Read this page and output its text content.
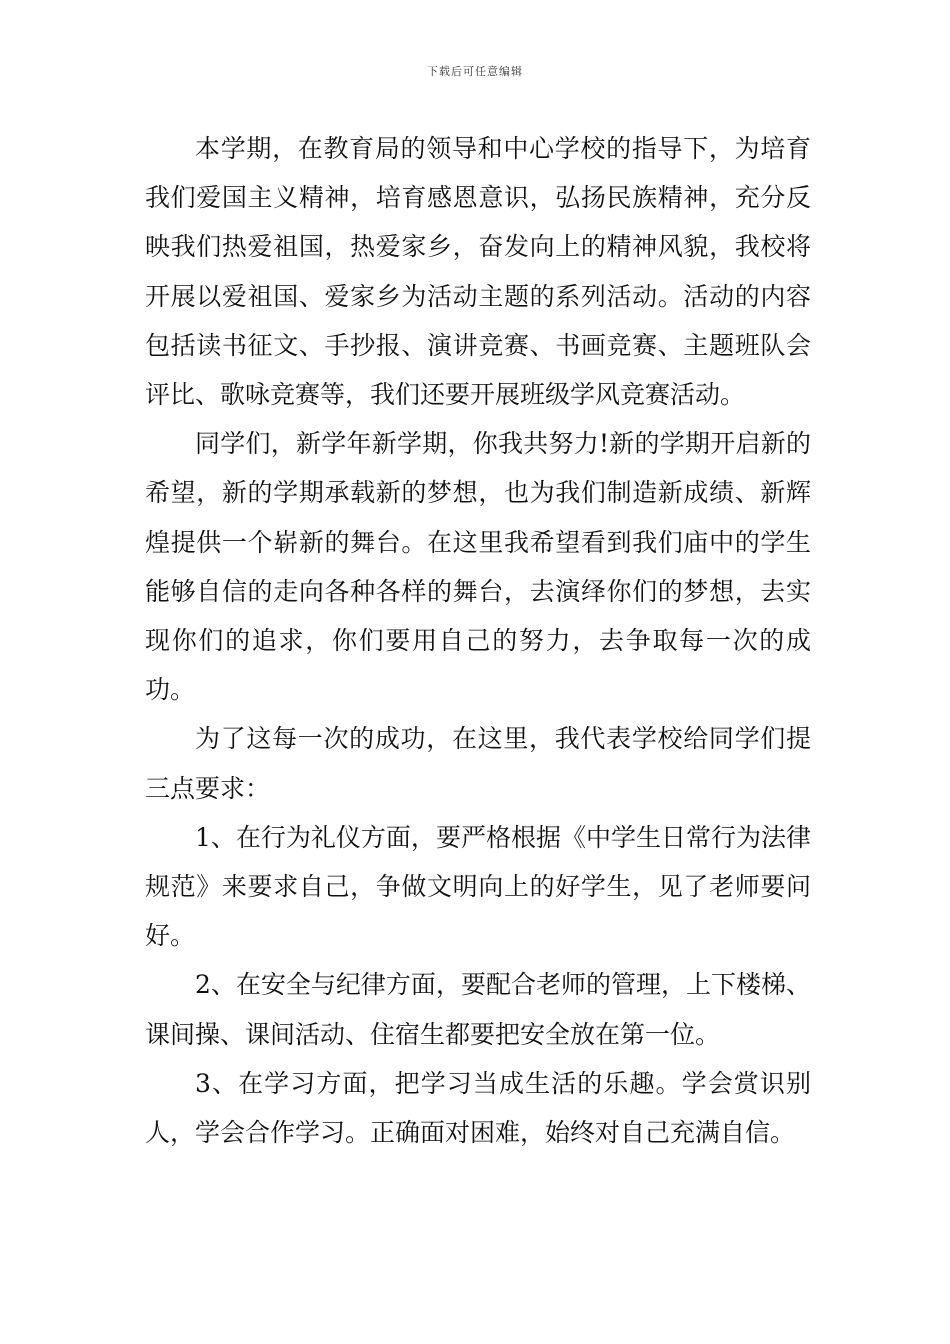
下载后可任意编辑

本学期，在教育局的领导和中心学校的指导下，为培育我们爱国主义精神，培育感恩意识，弘扬民族精神，充分反映我们热爱祖国，热爱家乡，奋发向上的精神风貌，我校将开展以爱祖国、爱家乡为活动主题的系列活动。活动的内容包括读书征文、手抄报、演讲竞赛、书画竞赛、主题班队会评比、歌咏竞赛等，我们还要开展班级学风竞赛活动。

同学们，新学年新学期，你我共努力!新的学期开启新的希望，新的学期承载新的梦想，也为我们制造新成绩、新辉煌提供一个崭新的舞台。在这里我希望看到我们庙中的学生能够自信的走向各种各样的舞台，去演绎你们的梦想，去实现你们的追求，你们要用自己的努力，去争取每一次的成功。

为了这每一次的成功，在这里，我代表学校给同学们提三点要求：

1、在行为礼仪方面，要严格根据《中学生日常行为法律规范》来要求自己，争做文明向上的好学生，见了老师要问好。

2、在安全与纪律方面，要配合老师的管理，上下楼梯、课间操、课间活动、住宿生都要把安全放在第一位。

3、在学习方面，把学习当成生活的乐趣。学会赏识别人，学会合作学习。正确面对困难，始终对自己充满自信。
